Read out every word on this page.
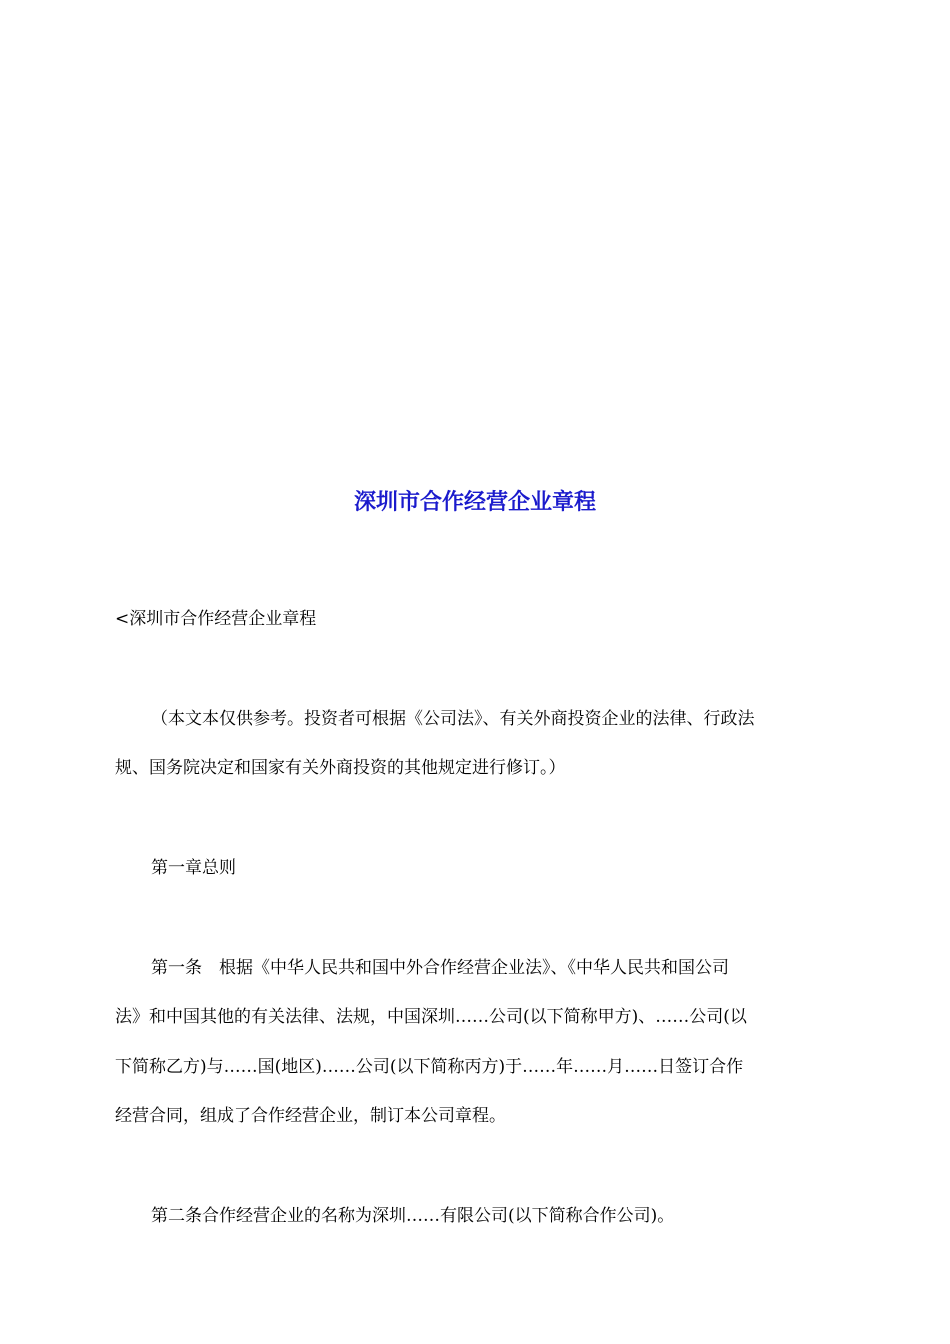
深圳市合作经营企业章程
<深圳市合作经营企业章程
（本文本仅供参考。投资者可根据《公司法》、有关外商投资企业的法律、行政法
规、国务院决定和国家有关外商投资的其他规定进行修订。）
第一章总则
第一条　根据《中华人民共和国中外合作经营企业法》、《中华人民共和国公司
法》和中国其他的有关法律、法规，中国深圳……公司(以下简称甲方)、……公司(以
下简称乙方)与……国(地区)……公司(以下简称丙方)于……年……月……日签订合作
经营合同，组成了合作经营企业，制订本公司章程。
第二条合作经营企业的名称为深圳……有限公司(以下简称合作公司)。
